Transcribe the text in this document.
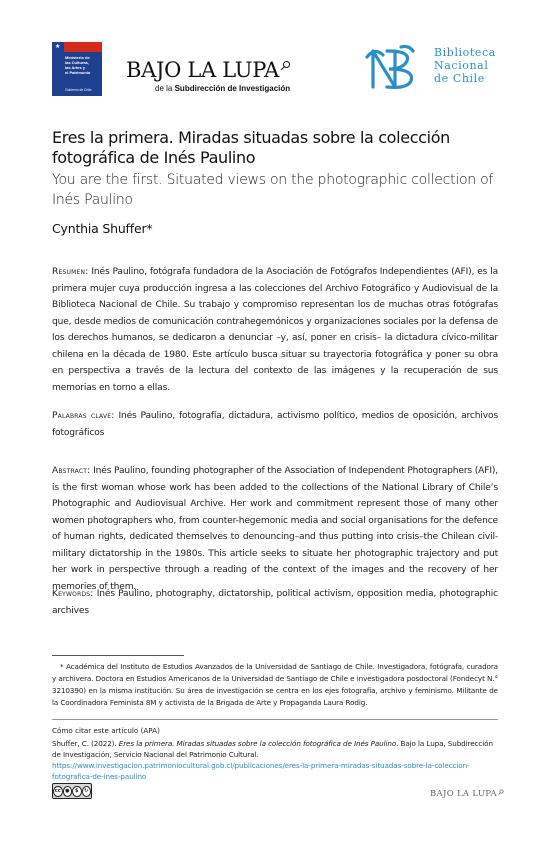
★
Ministerio de
las Culturas,
las Artes y
el Patrimonio
Gobierno de Chile
BAJO LA LUPA
de la Subdirección de Investigación
Biblioteca
Nacional
de Chile
Eres la primera. Miradas situadas sobre la colección fotográfica de Inés Paulino
You are the first. Situated views on the photographic collection of Inés Paulino
Cynthia Shuffer*
Resumen: Inés Paulino, fotógrafa fundadora de la Asociación de Fotógrafos Independientes (AFI), es la primera mujer cuya producción ingresa a las colecciones del Archivo Fotográfico y Audiovisual de la Biblioteca Nacional de Chile. Su trabajo y compromiso representan los de muchas otras fotógrafas que, desde medios de comunicación contrahegemónicos y organizaciones sociales por la defensa de los derechos humanos, se dedicaron a denunciar –y, así, poner en crisis– la dictadura cívico-militar chilena en la década de 1980. Este artículo busca situar su trayectoria fotográfica y poner su obra en perspectiva a través de la lectura del contexto de las imágenes y la recuperación de sus memorias en torno a ellas.
Palabras clave: Inés Paulino, fotografía, dictadura, activismo político, medios de oposición, archivos fotográficos
Abstract: Inés Paulino, founding photographer of the Association of Independent Photographers (AFI), is the first woman whose work has been added to the collections of the National Library of Chile’s Photographic and Audiovisual Archive. Her work and commitment represent those of many other women photographers who, from counter-hegemonic media and social organisations for the defence of human rights, dedicated themselves to denouncing–and thus putting into crisis–the Chilean civil-military dictatorship in the 1980s. This article seeks to situate her photographic trajectory and put her work in perspective through a reading of the context of the images and the recovery of her memories of them.
Keywords: Inés Paulino, photography, dictatorship, political activism, opposition media, photographic archives
* Académica del Instituto de Estudios Avanzados de la Universidad de Santiago de Chile. Investigadora, fotógrafa, curadora y archivera. Doctora en Estudios Americanos de la Universidad de Santiago de Chile e investigadora posdoctoral (Fondecyt N.° 3210390) en la misma institución. Su área de investigación se centra en los ejes fotografía, archivo y feminismo. Militante de la Coordinadora Feminista 8M y activista de la Brigada de Arte y Propaganda Laura Rodig.
Cómo citar este artículo (APA)
Shuffer, C. (2022). Eres la primera. Miradas situadas sobre la colección fotográfica de Inés Paulino. Bajo la Lupa, Subdirección de Investigación, Servicio Nacional del Patrimonio Cultural. https://www.investigacion.patrimoniocultural.gob.cl/publicaciones/eres-la-primera-miradas-situadas-sobre-la-coleccion-fotografica-de-ines-paulino
cc ●	$	↻	BAJO LA LUPA
